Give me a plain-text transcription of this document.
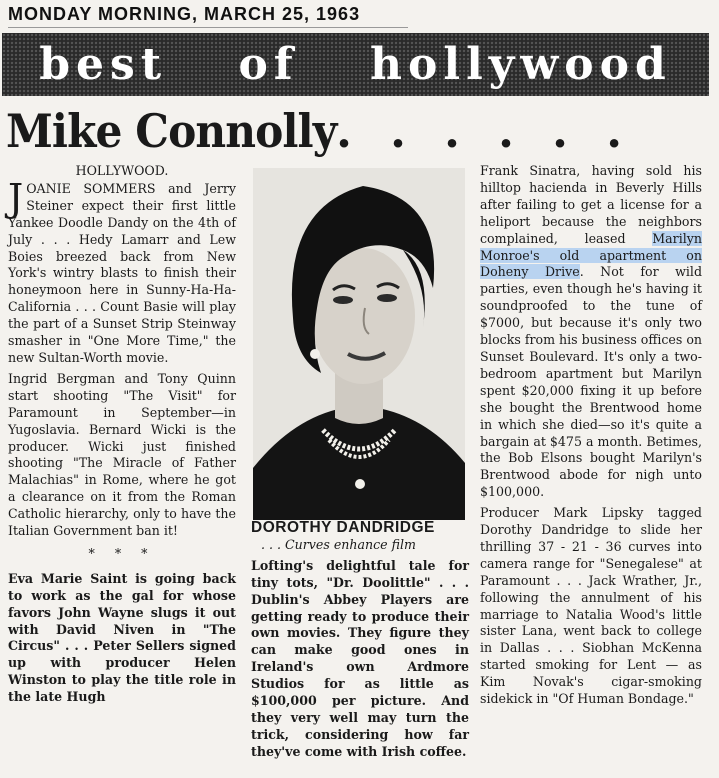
MONDAY MORNING, MARCH 25, 1963
best of hollywood
Mike Connolly ......

HOLLYWOOD.

JOANIE SOMMERS and Jerry Steiner expect their first little Yankee Doodle Dandy on the 4th of July . . . Hedy Lamarr and Lew Boies breezed back from New York's wintry blasts to finish their honeymoon here in Sunny-Ha-Ha-California . . . Count Basie will play the part of a Sunset Strip Steinway smasher in "One More Time," the new Sultan-Worth movie.

Ingrid Bergman and Tony Quinn start shooting "The Visit" for Paramount in September—in Yugoslavia. Bernard Wicki is the producer. Wicki just finished shooting "The Miracle of Father Malachias" in Rome, where he got a clearance on it from the Roman Catholic hierarchy, only to have the Italian Government ban it!

* * *

Eva Marie Saint is going back to work as the gal for whose favors John Wayne slugs it out with David Niven in "The Circus" . . . Peter Sellers signed up with producer Helen Winston to play the title role in the late Hugh

DOROTHY DANDRIDGE

. . . Curves enhance film

Lofting's delightful tale for tiny tots, "Dr. Doolittle" . . . Dublin's Abbey Players are getting ready to produce their own movies. They figure they can make good ones in Ireland's own Ardmore Studios for as little as $100,000 per picture. And they very well may turn the trick, considering how far they've come with Irish coffee.

Frank Sinatra, having sold his hilltop hacienda in Beverly Hills after failing to get a license for a heliport because the neighbors complained, leased Marilyn Monroe's old apartment on Doheny Drive. Not for wild parties, even though he's having it soundproofed to the tune of $7000, but because it's only two blocks from his business offices on Sunset Boulevard. It's only a two-bedroom apartment but Marilyn spent $20,000 fixing it up before she bought the Brentwood home in which she died—so it's quite a bargain at $475 a month. Betimes, the Bob Elsons bought Marilyn's Brentwood abode for nigh unto $100,000.

Producer Mark Lipsky tagged Dorothy Dandridge to slide her thrilling 37 - 21 - 36 curves into camera range for "Senegalese" at Paramount . . . Jack Wrather, Jr., following the annulment of his marriage to Natalia Wood's little sister Lana, went back to college in Dallas . . . Siobhan McKenna started smoking for Lent — as Kim Novak's cigar-smoking sidekick in "Of Human Bondage."
